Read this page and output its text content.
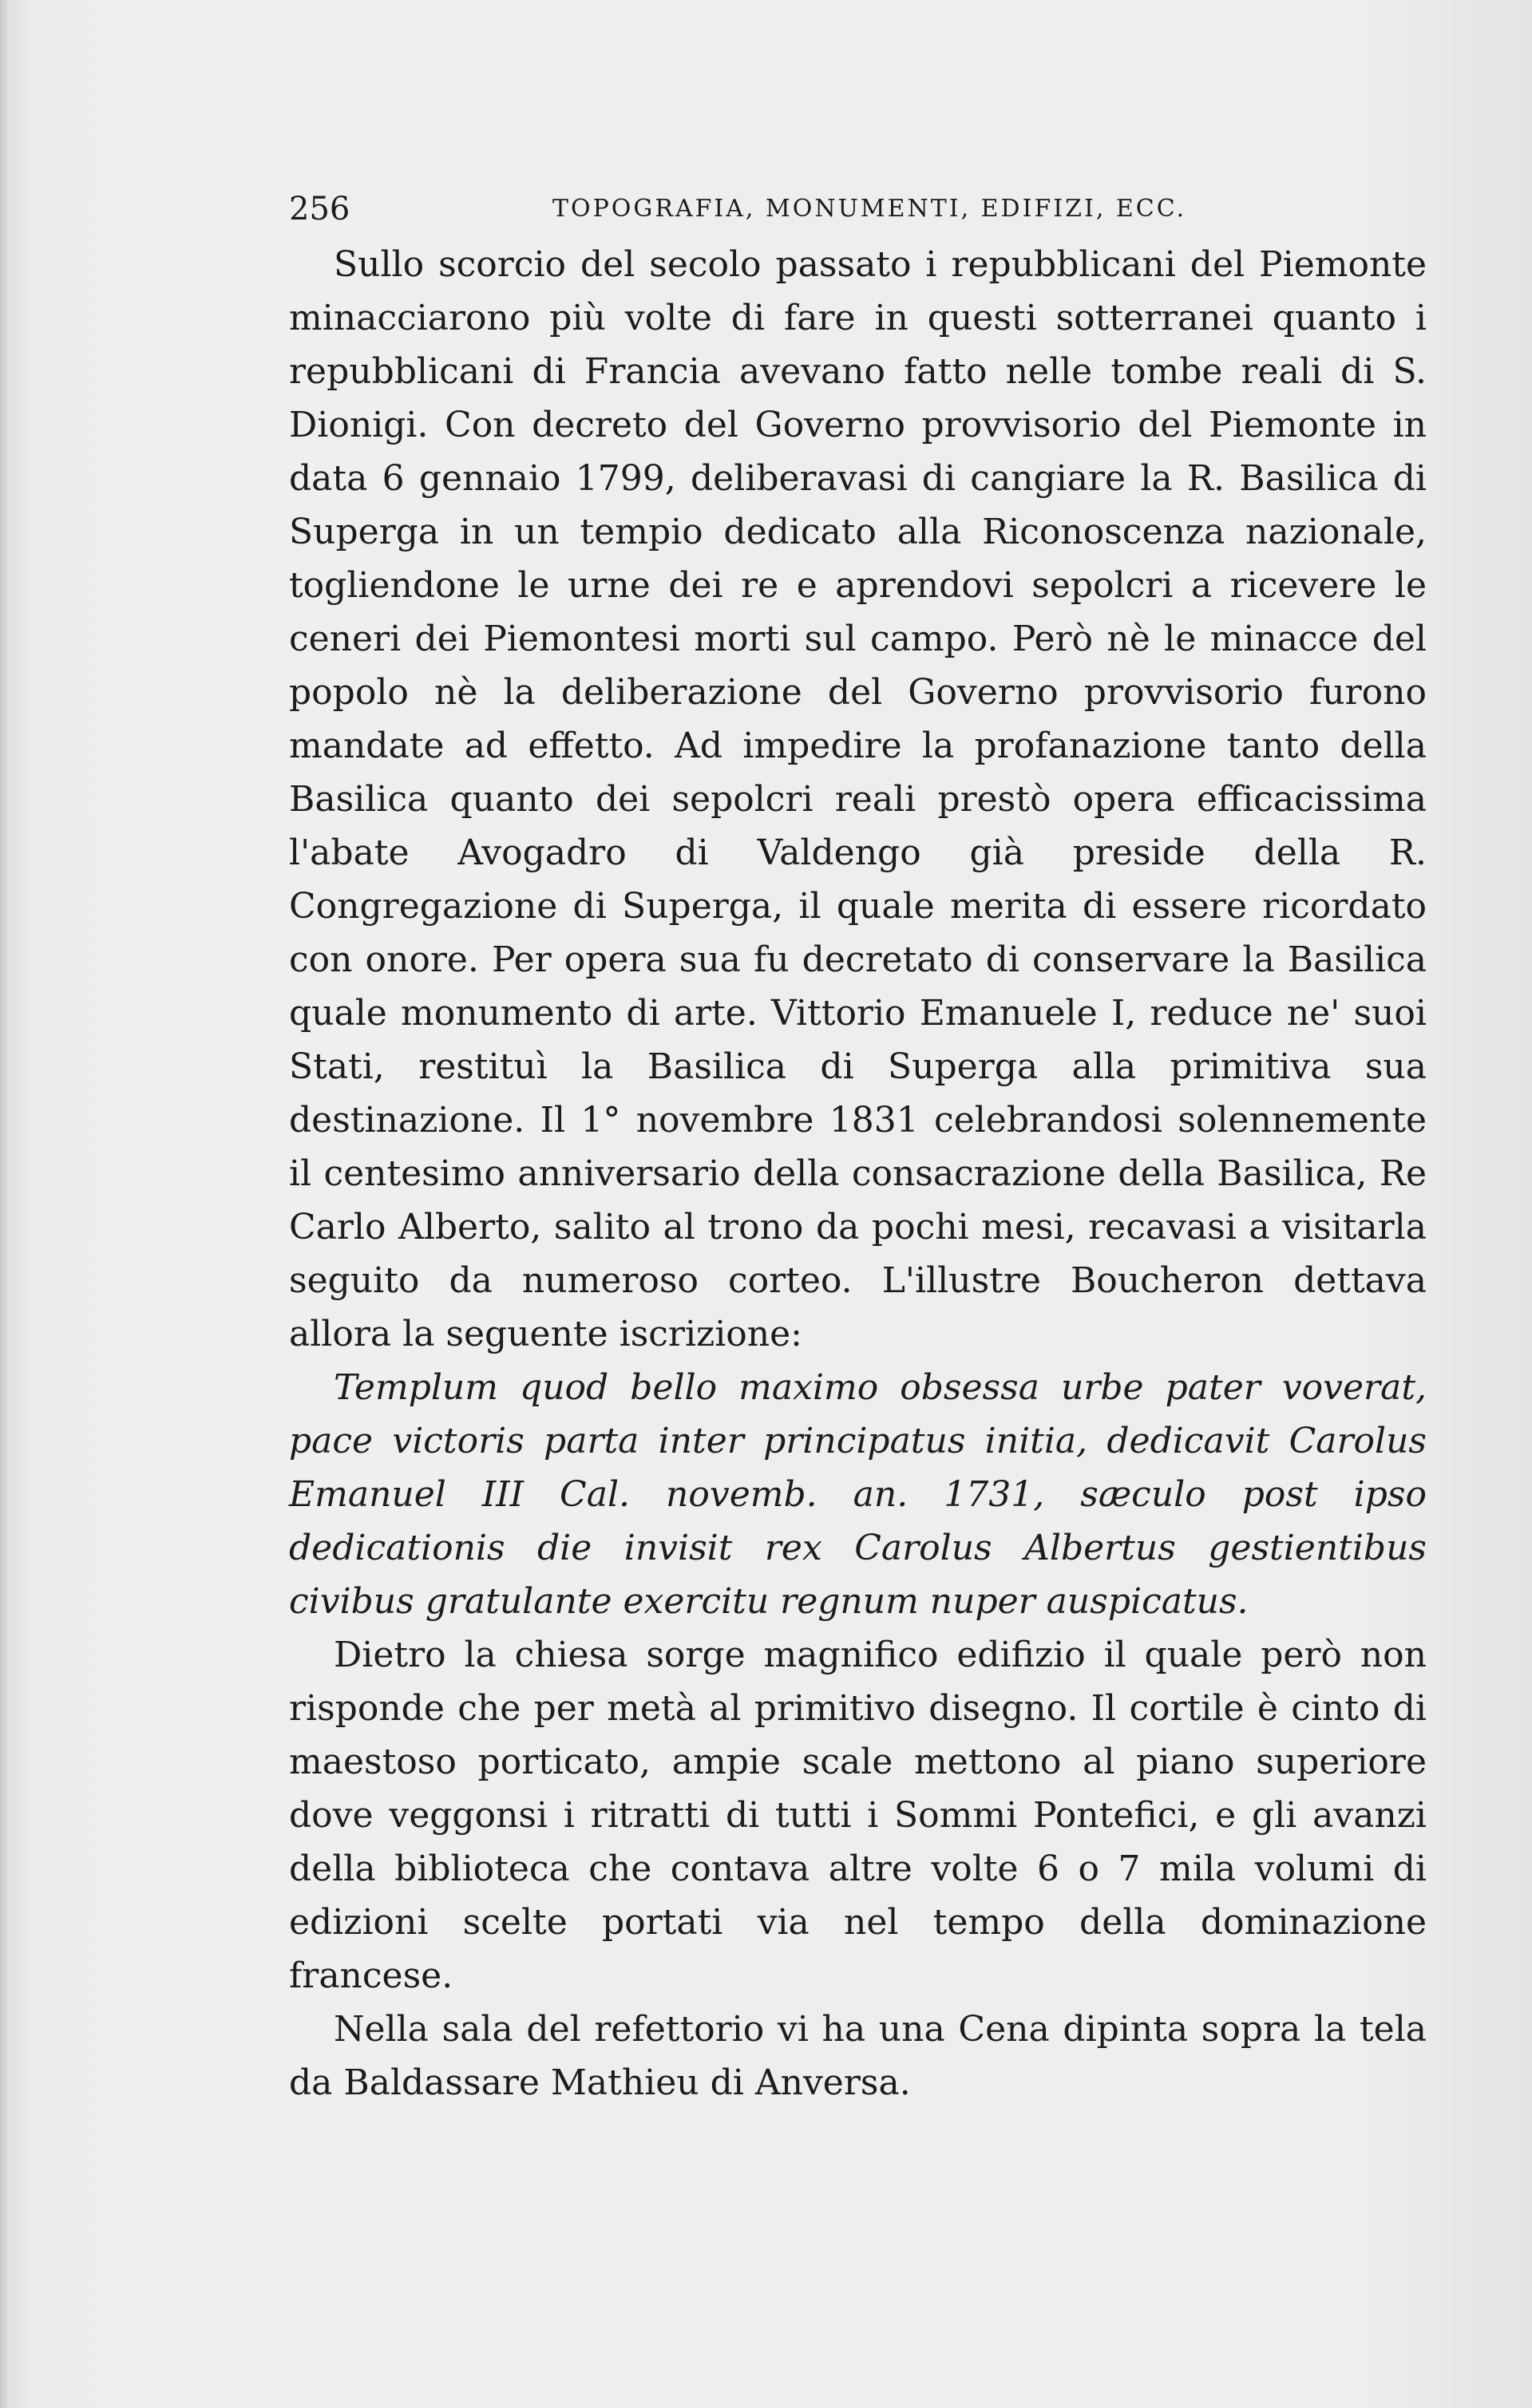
256	TOPOGRAFIA, MONUMENTI, EDIFIZI, ECC.

Sullo scorcio del secolo passato i repubblicani del Piemonte minacciarono più volte di fare in questi sotterranei quanto i repubblicani di Francia avevano fatto nelle tombe reali di S. Dionigi. Con decreto del Governo provvisorio del Piemonte in data 6 gennaio 1799, deliberavasi di cangiare la R. Basilica di Superga in un tempio dedicato alla Riconoscenza nazionale, togliendone le urne dei re e aprendovi sepolcri a ricevere le ceneri dei Piemontesi morti sul campo. Però nè le minacce del popolo nè la deliberazione del Governo provvisorio furono mandate ad effetto. Ad impedire la profanazione tanto della Basilica quanto dei sepolcri reali prestò opera efficacissima l'abate Avogadro di Valdengo già preside della R. Congregazione di Superga, il quale merita di essere ricordato con onore. Per opera sua fu decretato di conservare la Basilica quale monumento di arte. Vittorio Emanuele I, reduce ne' suoi Stati, restituì la Basilica di Superga alla primitiva sua destinazione. Il 1° novembre 1831 celebrandosi solennemente il centesimo anniversario della consacrazione della Basilica, Re Carlo Alberto, salito al trono da pochi mesi, recavasi a visitarla seguito da numeroso corteo. L'illustre Boucheron dettava allora la seguente iscrizione:

Templum quod bello maximo obsessa urbe pater voverat, pace victoris parta inter principatus initia, dedicavit Carolus Emanuel III Cal. novemb. an. 1731, sæculo post ipso dedicationis die invisit rex Carolus Albertus gestientibus civibus gratulante exercitu regnum nuper auspicatus.

Dietro la chiesa sorge magnifico edifizio il quale però non risponde che per metà al primitivo disegno. Il cortile è cinto di maestoso porticato, ampie scale mettono al piano superiore dove veggonsi i ritratti di tutti i Sommi Pontefici, e gli avanzi della biblioteca che contava altre volte 6 o 7 mila volumi di edizioni scelte portati via nel tempo della dominazione francese.

Nella sala del refettorio vi ha una Cena dipinta sopra la tela da Baldassare Mathieu di Anversa.
